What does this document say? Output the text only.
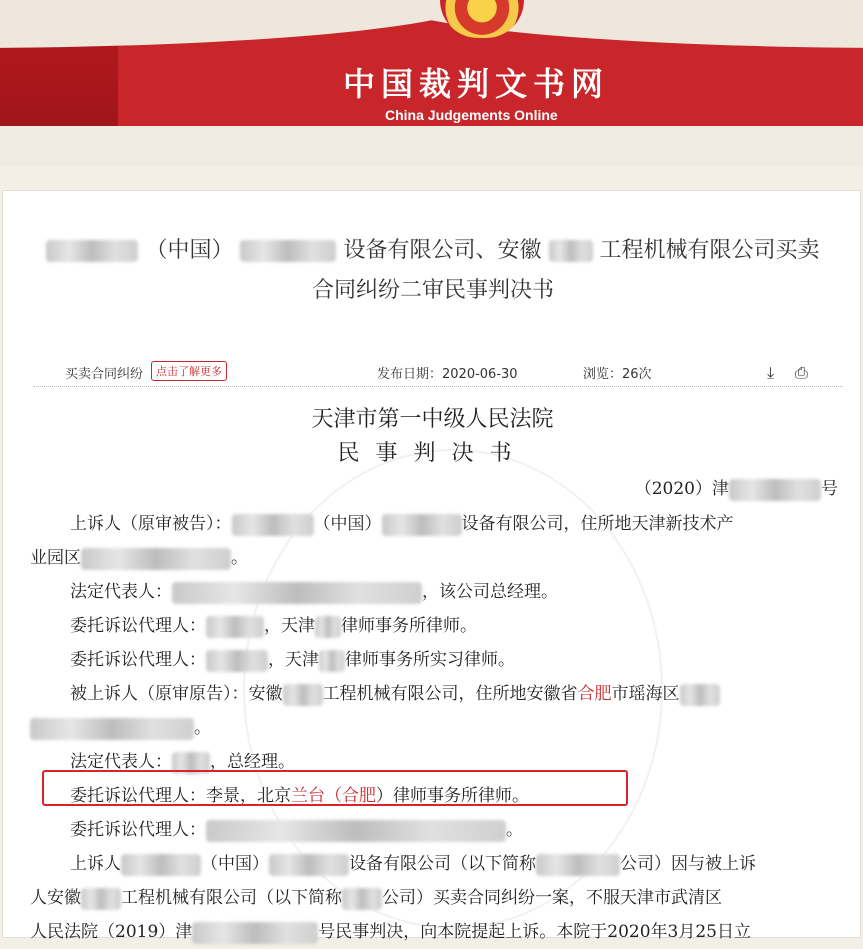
中国裁判文书网
China Judgements Online
（中国）	设备有限公司、安徽	工程机械有限公司买卖
合同纠纷二审民事判决书
买卖合同纠纷	点击了解更多	发布日期：2020-06-30	浏览：26次	⤓ ⎙
天津市第一中级人民法院
民事判决书
（2020）津	号
上诉人（原审被告）：	（中国）	设备有限公司，住所地天津新技术产
业园区	。
法定代表人：	，该公司总经理。
委托诉讼代理人：	，天津 律师事务所律师。
委托诉讼代理人：	，天津 律师事务所实习律师。
被上诉人（原审原告）：安徽 工程机械有限公司，住所地安徽省合肥市瑶海区
。
法定代表人： ，总经理。
委托诉讼代理人：李景，北京兰台（合肥）律师事务所律师。
委托诉讼代理人：	。
上诉人	（中国）	设备有限公司（以下简称	公司）因与被上诉
人安徽 工程机械有限公司（以下简称 公司）买卖合同纠纷一案，不服天津市武清区
人民法院（2019）津	号民事判决，向本院提起上诉。本院于2020年3月25日立
